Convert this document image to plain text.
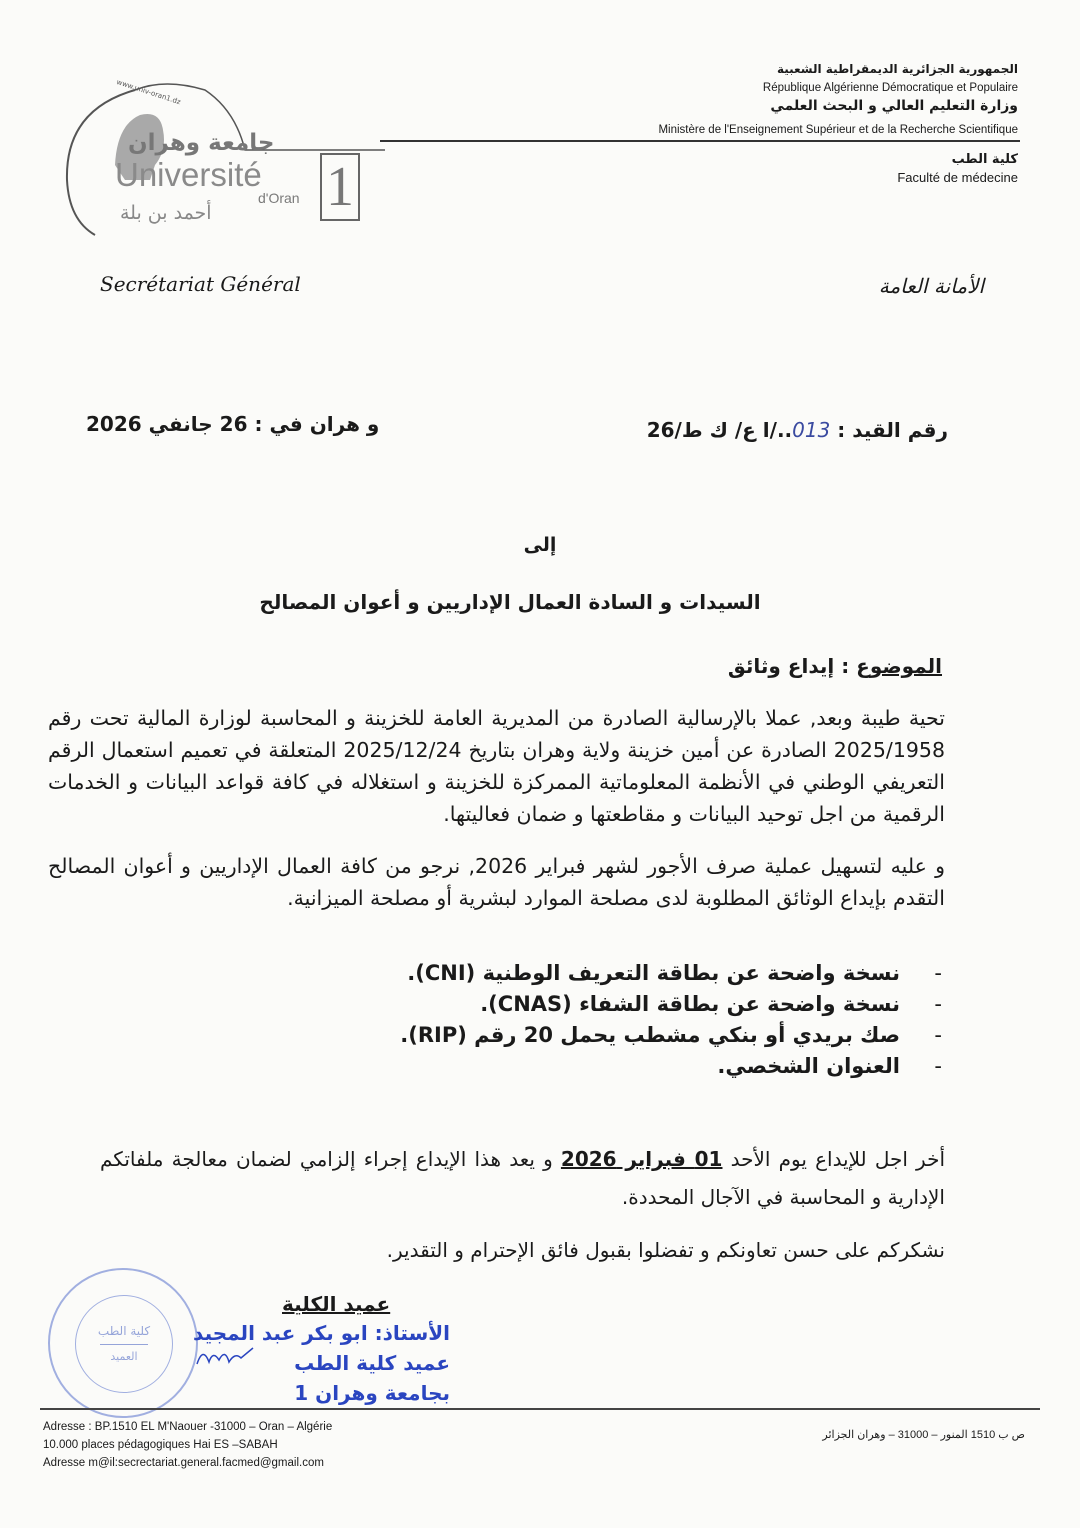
www.univ-oran1.dz
جامعة وهران
Université
d'Oran
أحمد بن بلة 1
الجمهورية الجزائرية الديمقراطية الشعبية
République Algérienne Démocratique et Populaire
وزارة التعليم العالي و البحث العلمي
Ministère de l'Enseignement Supérieur et de la Recherche Scientifique
كلية الطب
Faculté de médecine
Secrétariat Général	الأمانة العامة
رقم القيد : 013../ا ع/ ك ط/26
و هران في : 26 جانفي 2026
إلى
السيدات و السادة العمال الإداريين و أعوان المصالح
الموضوع : إيداع وثائق
تحية طيبة وبعد, عملا بالإرسالية الصادرة من المديرية العامة للخزينة و المحاسبة لوزارة المالية تحت رقم 2025/1958 الصادرة عن أمين خزينة ولاية وهران بتاريخ 2025/12/24 المتعلقة في تعميم استعمال الرقم التعريفي الوطني في الأنظمة المعلوماتية الممركزة للخزينة و استغلاله في كافة قواعد البيانات و الخدمات الرقمية من اجل توحيد البيانات و مقاطعتها و ضمان فعاليتها.
و عليه لتسهيل عملية صرف الأجور لشهر فبراير 2026, نرجو من كافة العمال الإداريين و أعوان المصالح التقدم بإيداع الوثائق المطلوبة لدى مصلحة الموارد لبشرية أو مصلحة الميزانية.
-نسخة واضحة عن بطاقة التعريف الوطنية (CNI).
-نسخة واضحة عن بطاقة الشفاء (CNAS).
-صك بريدي أو بنكي مشطب يحمل 20 رقم (RIP).
-العنوان الشخصي.
أخر اجل للإيداع يوم الأحد 01 فبراير 2026 و يعد هذا الإيداع إجراء إلزامي لضمان معالجة ملفاتكم الإدارية و المحاسبة في الآجال المحددة.
نشكركم على حسن تعاونكم و تفضلوا بقبول فائق الإحترام و التقدير.
كلية الطب
العميد
عميد الكلية
الأستاذ: ابو بكر عبد المجيد
عميد كلية الطب
بجامعة وهران 1
Adresse : BP.1510 EL M'Naouer -31000 – Oran – Algérie
10.000 places pédagogiques Hai ES –SABAH
Adresse m@il:secrectariat.general.facmed@gmail.com
ص ب 1510 المنور – 31000 – وهران الجزائر
